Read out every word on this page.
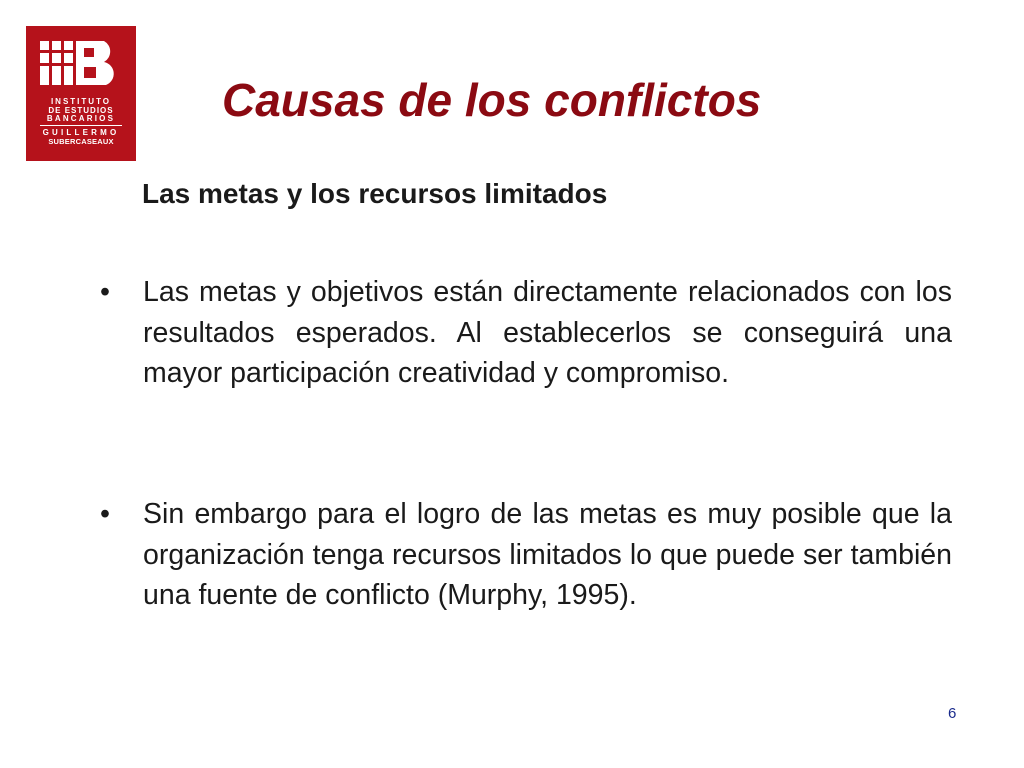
INSTITUTO
DE ESTUDIOS
BANCARIOS
GUILLERMO
SUBERCASEAUX
Causas de los conflictos
Las metas y los recursos limitados
•	Las metas y objetivos están directamente relacionados con los resultados esperados. Al establecerlos se conseguirá una mayor participación creatividad y compromiso.
•	Sin embargo para el logro de las metas es muy posible que la organización tenga recursos limitados lo que puede ser también una fuente de conflicto (Murphy, 1995).
6
